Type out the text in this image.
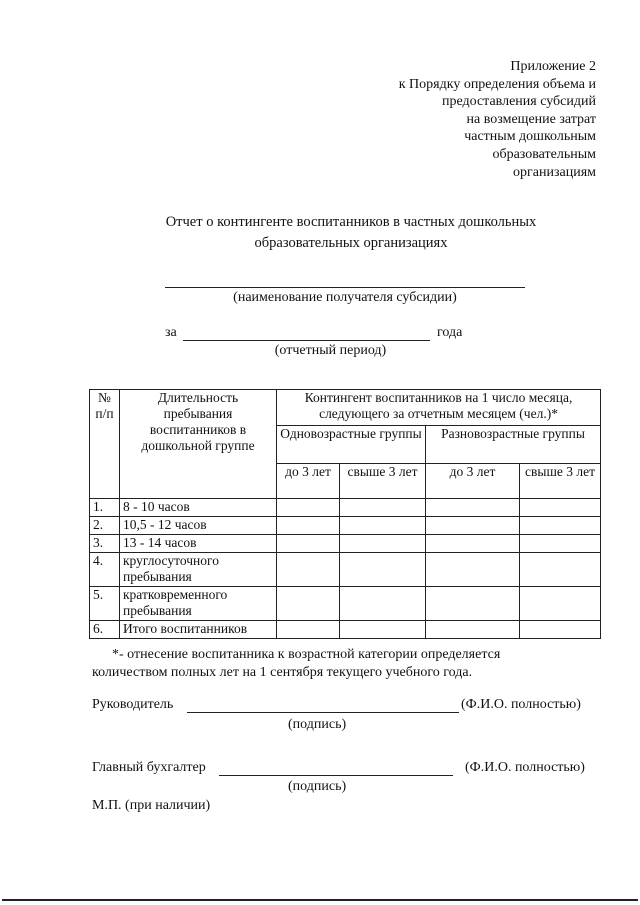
Приложение 2
к Порядку определения объема и
предоставления субсидий
на возмещение затрат
частным дошкольным
образовательным
организациям
Отчет о контингенте воспитанников в частных дошкольных
образовательных организациях
(наименование получателя субсидии)
за	года
(отчетный период)
№ п/п	Длительность пребывания воспитанников в дошкольной группе	Контингент воспитанников на 1 число месяца, следующего за отчетным месяцем (чел.)*			
		Одновозрастные группы		Разновозрастные группы	
		до 3 лет	свыше 3 лет	до 3 лет	свыше 3 лет
1.	8 - 10 часов				
2.	10,5 - 12 часов				
3.	13 - 14 часов				
4.	круглосуточного пребывания				
5.	кратковременного пребывания				
6.	Итого воспитанников				
*- отнесение воспитанника к возрастной категории определяется
количеством полных лет на 1 сентября текущего учебного года.
Руководитель	(Ф.И.О. полностью)
(подпись)
Главный бухгалтер	(Ф.И.О. полностью)
(подпись)
М.П. (при наличии)
